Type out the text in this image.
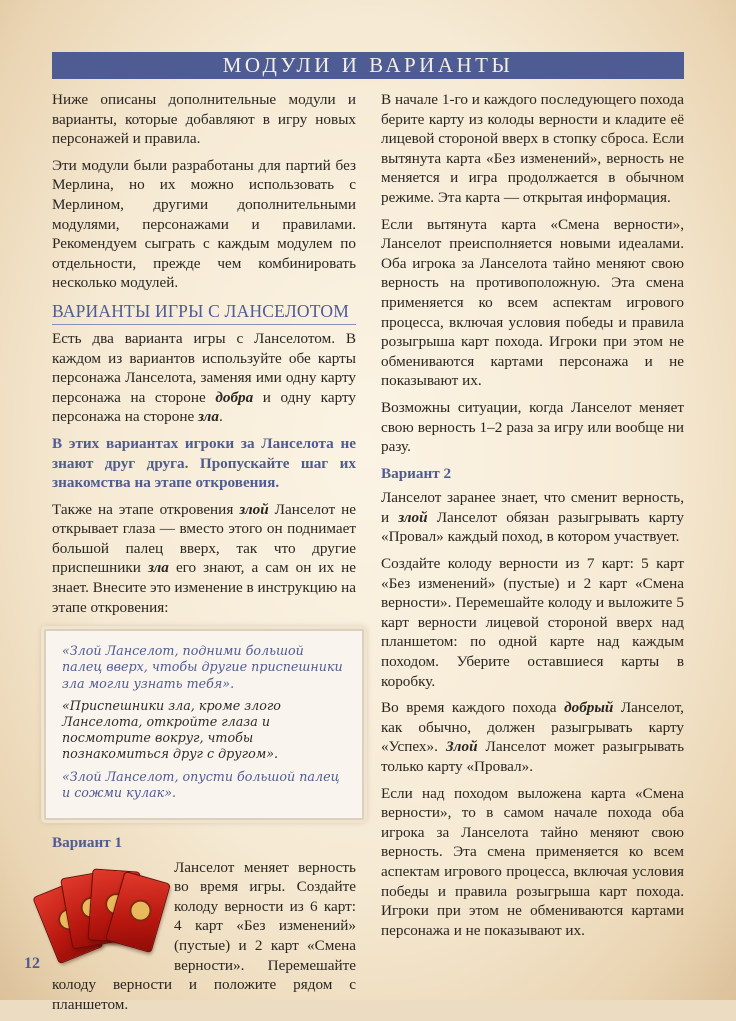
МОДУЛИ И ВАРИАНТЫ

Ниже описаны дополнительные модули и варианты, которые добавляют в игру новых персонажей и правила.

Эти модули были разработаны для партий без Мерлина, но их можно использовать с Мерлином, другими дополнительными модулями, персонажами и правилами. Рекомендуем сыграть с каждым модулем по отдельности, прежде чем комбинировать несколько модулей.

ВАРИАНТЫ ИГРЫ С ЛАНСЕЛОТОМ

Есть два варианта игры с Ланселотом. В каждом из вариантов используйте обе карты персонажа Ланселота, заменяя ими одну карту персонажа на стороне добра и одну карту персонажа на стороне зла.

В этих вариантах игроки за Ланселота не знают друг друга. Пропускайте шаг их знакомства на этапе откровения.

Также на этапе откровения злой Ланселот не открывает глаза — вместо этого он поднимает большой палец вверх, так что другие приспешники зла его знают, а сам он их не знает. Внесите это изменение в инструкцию на этапе откровения:

«Злой Ланселот, подними большой палец вверх, чтобы другие приспешники зла могли узнать тебя».

«Приспешники зла, кроме злого Ланселота, откройте глаза и посмотрите вокруг, чтобы познакомиться друг с другом».

«Злой Ланселот, опусти большой палец и сожми кулак».

Вариант 1

Ланселот меняет верность во время игры. Создайте колоду верности из 6 карт: 4 карт «Без изменений» (пустые) и 2 карт «Смена верности». Перемешайте колоду верности и положите рядом с планшетом.

В начале 1-го и каждого последующего похода берите карту из колоды верности и кладите её лицевой стороной вверх в стопку сброса. Если вытянута карта «Без изменений», верность не меняется и игра продолжается в обычном режиме. Эта карта — открытая информация.

Если вытянута карта «Смена верности», Ланселот преисполняется новыми идеалами. Оба игрока за Ланселота тайно меняют свою верность на противоположную. Эта смена применяется ко всем аспектам игрового процесса, включая условия победы и правила розыгрыша карт похода. Игроки при этом не обмениваются картами персонажа и не показывают их.

Возможны ситуации, когда Ланселот меняет свою верность 1–2 раза за игру или вообще ни разу.

Вариант 2

Ланселот заранее знает, что сменит верность, и злой Ланселот обязан разыгрывать карту «Провал» каждый поход, в котором участвует.

Создайте колоду верности из 7 карт: 5 карт «Без изменений» (пустые) и 2 карт «Смена верности». Перемешайте колоду и выложите 5 карт верности лицевой стороной вверх над планшетом: по одной карте над каждым походом. Уберите оставшиеся карты в коробку.

Во время каждого похода добрый Ланселот, как обычно, должен разыгрывать карту «Успех». Злой Ланселот может разыгрывать только карту «Провал».

Если над походом выложена карта «Смена верности», то в самом начале похода оба игрока за Ланселота тайно меняют свою верность. Эта смена применяется ко всем аспектам игрового процесса, включая условия победы и правила розыгрыша карт похода. Игроки при этом не обмениваются картами персонажа и не показывают их.

12
